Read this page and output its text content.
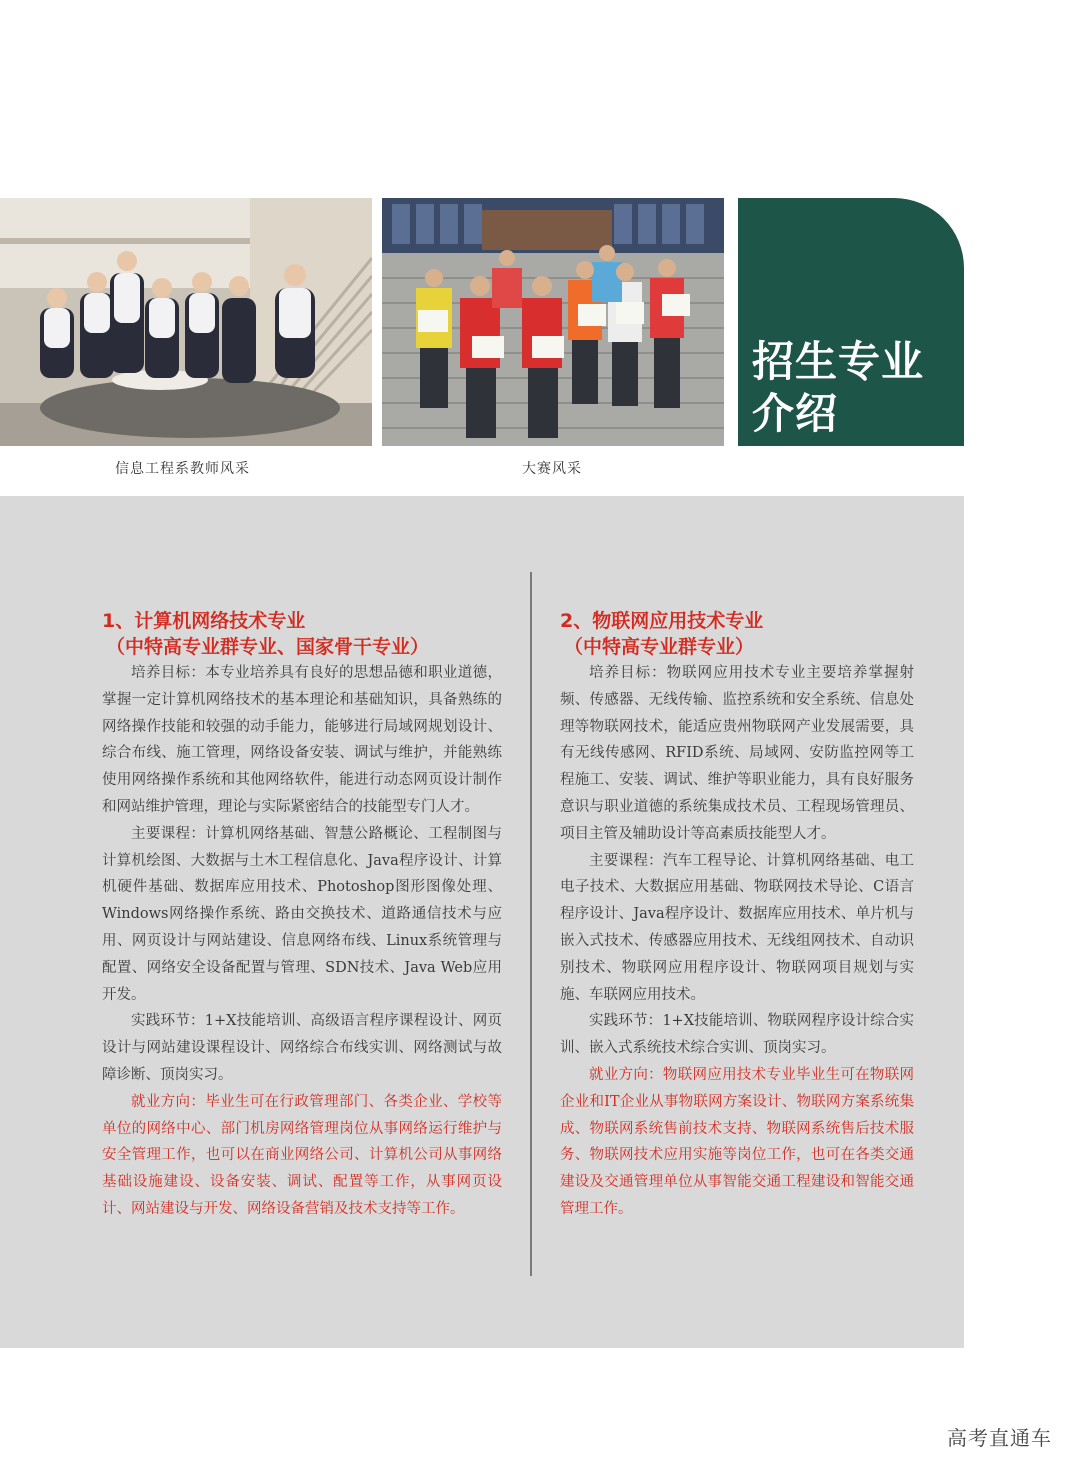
信息工程系教师风采	大赛风采
招生专业
介绍
1、计算机网络技术专业
（中特高专业群专业、国家骨干专业）

培养目标：本专业培养具有良好的思想品德和职业道德，掌握一定计算机网络技术的基本理论和基础知识，具备熟练的网络操作技能和较强的动手能力，能够进行局域网规划设计、综合布线、施工管理，网络设备安装、调试与维护，并能熟练使用网络操作系统和其他网络软件，能进行动态网页设计制作和网站维护管理，理论与实际紧密结合的技能型专门人才。

主要课程：计算机网络基础、智慧公路概论、工程制图与计算机绘图、大数据与土木工程信息化、Java程序设计、计算机硬件基础、数据库应用技术、Photoshop图形图像处理、Windows网络操作系统、路由交换技术、道路通信技术与应用、网页设计与网站建设、信息网络布线、Linux系统管理与配置、网络安全设备配置与管理、SDN技术、Java Web应用开发。

实践环节：1+X技能培训、高级语言程序课程设计、网页设计与网站建设课程设计、网络综合布线实训、网络测试与故障诊断、顶岗实习。

就业方向：毕业生可在行政管理部门、各类企业、学校等单位的网络中心、部门机房网络管理岗位从事网络运行维护与安全管理工作，也可以在商业网络公司、计算机公司从事网络基础设施建设、设备安装、调试、配置等工作，从事网页设计、网站建设与开发、网络设备营销及技术支持等工作。

2、物联网应用技术专业
（中特高专业群专业）

培养目标：物联网应用技术专业主要培养掌握射频、传感器、无线传输、监控系统和安全系统、信息处理等物联网技术，能适应贵州物联网产业发展需要，具有无线传感网、RFID系统、局域网、安防监控网等工程施工、安装、调试、维护等职业能力，具有良好服务意识与职业道德的系统集成技术员、工程现场管理员、项目主管及辅助设计等高素质技能型人才。

主要课程：汽车工程导论、计算机网络基础、电工电子技术、大数据应用基础、物联网技术导论、C语言程序设计、Java程序设计、数据库应用技术、单片机与嵌入式技术、传感器应用技术、无线组网技术、自动识别技术、物联网应用程序设计、物联网项目规划与实施、车联网应用技术。

实践环节：1+X技能培训、物联网程序设计综合实训、嵌入式系统技术综合实训、顶岗实习。

就业方向：物联网应用技术专业毕业生可在物联网企业和IT企业从事物联网方案设计、物联网方案系统集成、物联网系统售前技术支持、物联网系统售后技术服务、物联网技术应用实施等岗位工作，也可在各类交通建设及交通管理单位从事智能交通工程建设和智能交通管理工作。

高考直通车
